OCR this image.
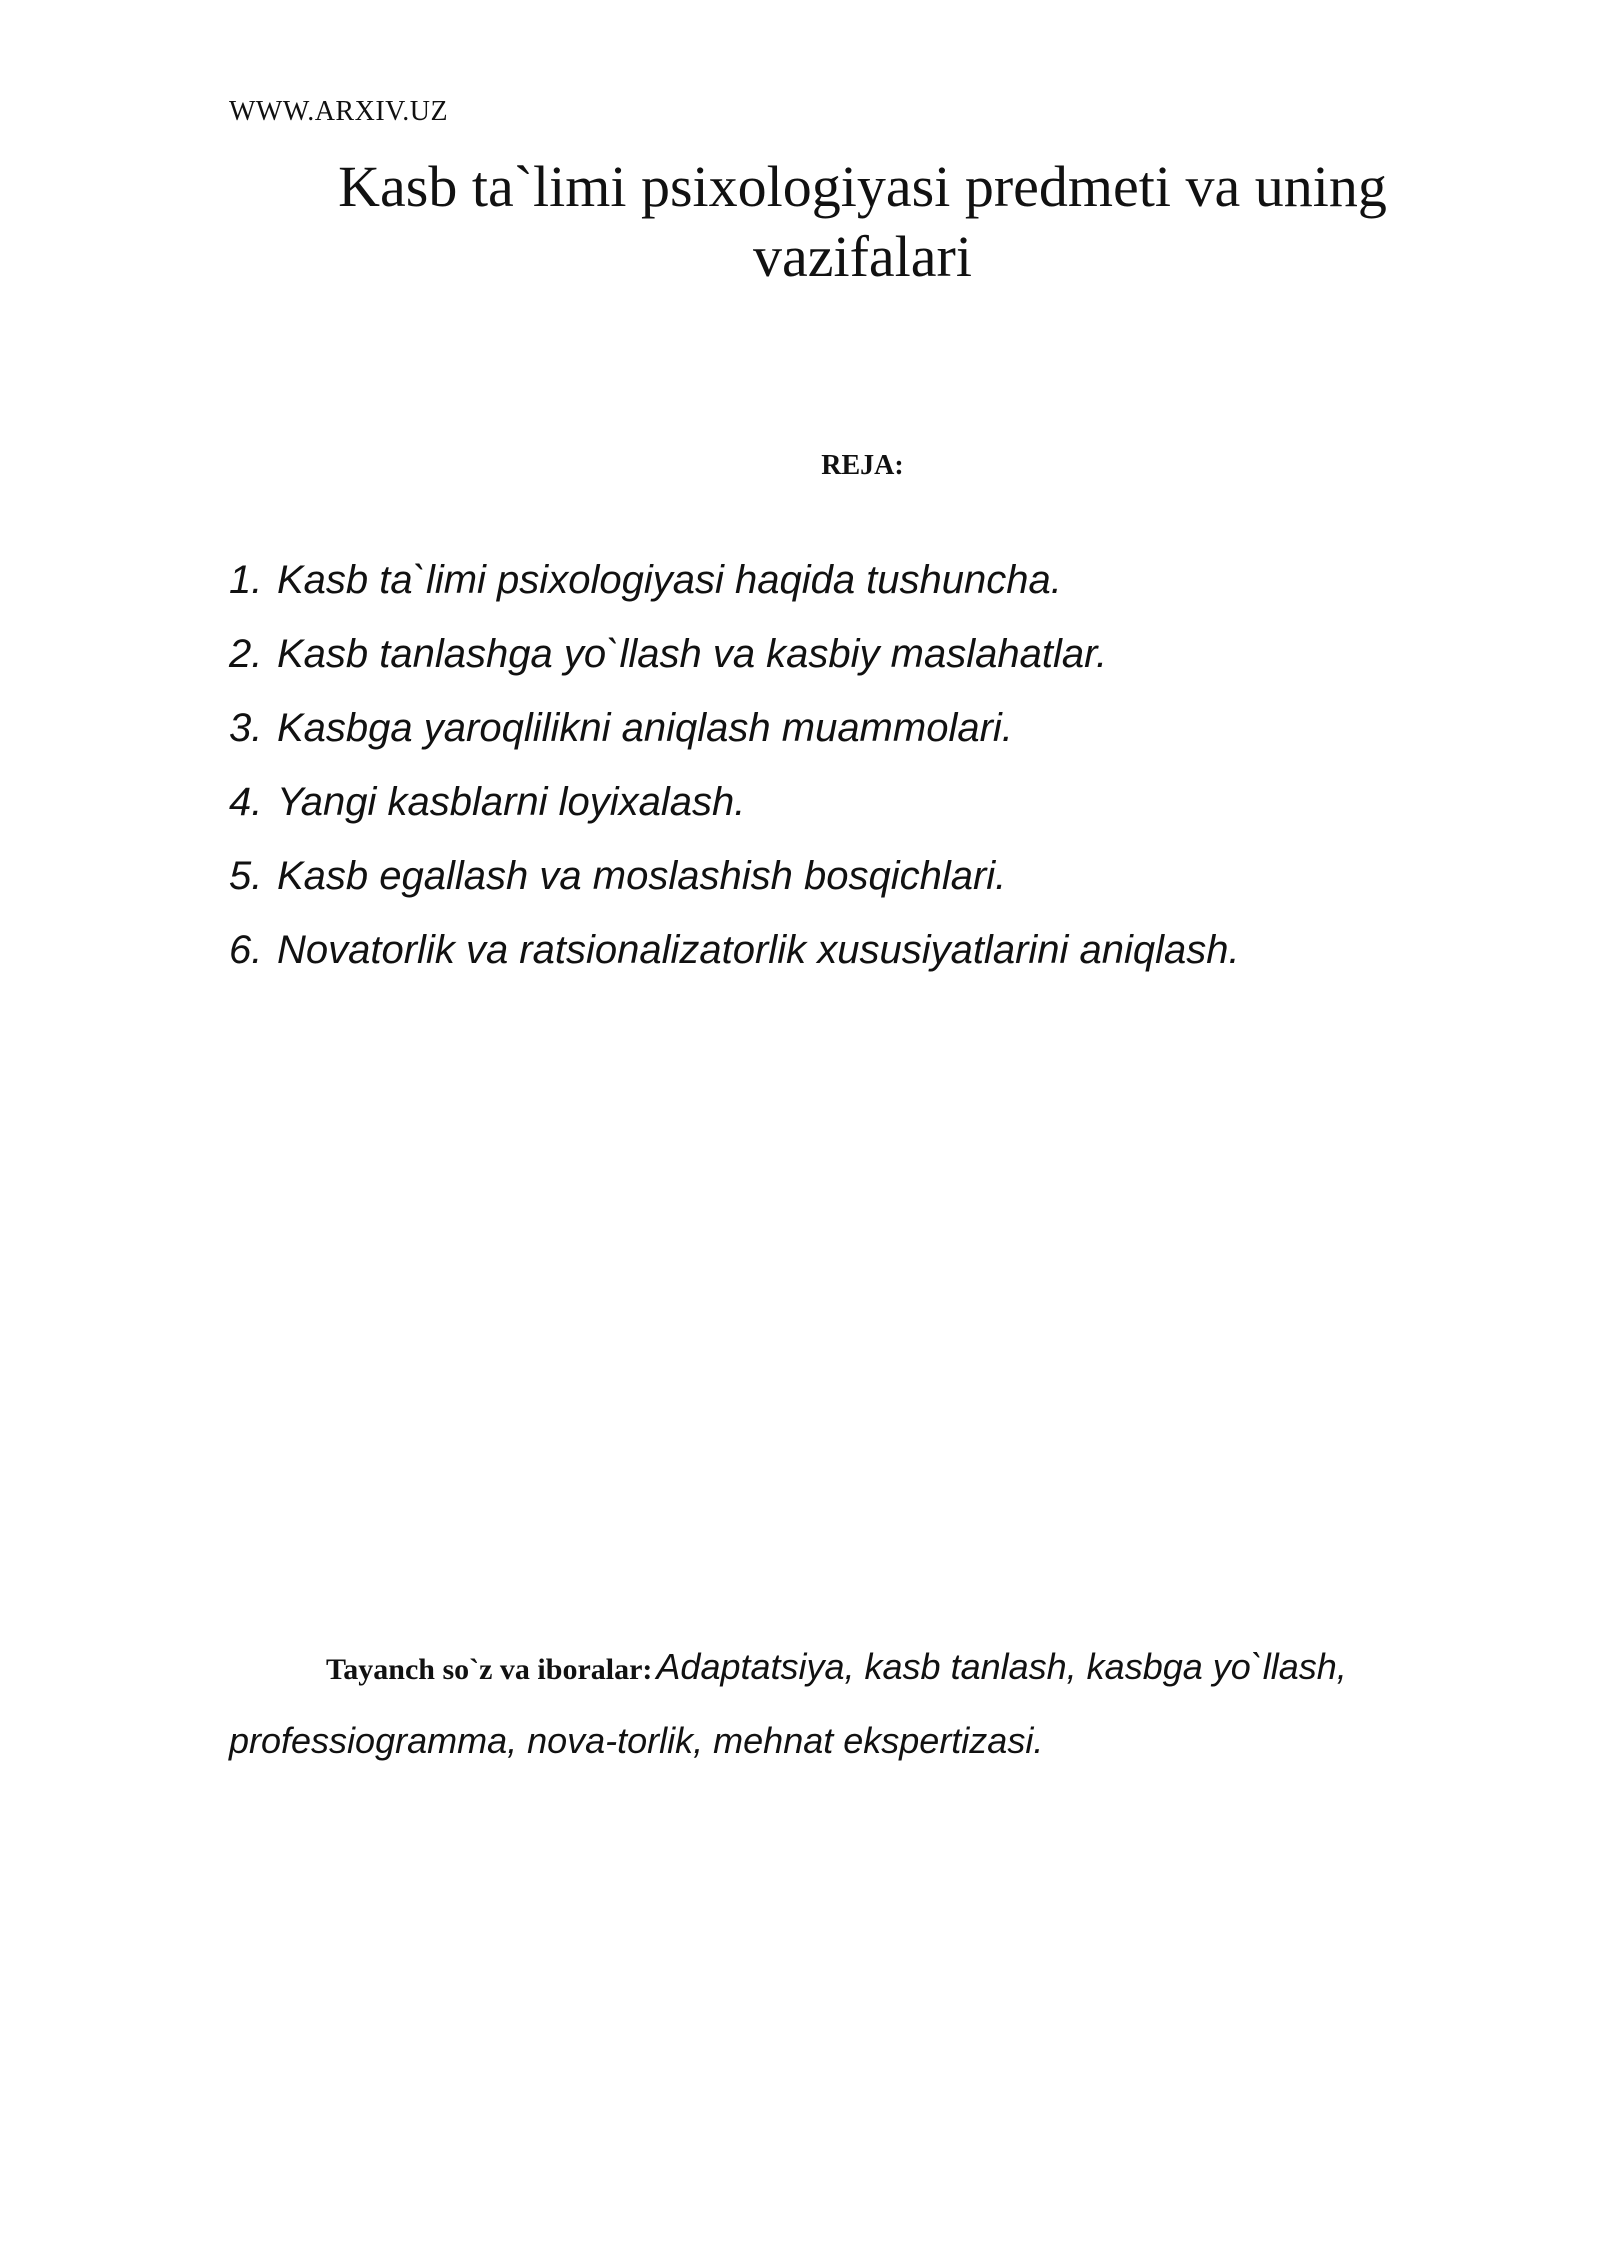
WWW.ARXIV.UZ
Kasb ta`limi psixologiyasi predmeti va uning vazifalari
REJA:
1. Kasb ta`limi psixologiyasi haqida tushuncha.
2. Kasb tanlashga yo`llash va kasbiy maslahatlar.
3. Kasbga yaroqlilikni aniqlash muammolari.
4. Yangi kasblarni loyixalash.
5. Kasb egallash va moslashish bosqichlari.
6. Novatorlik va ratsionalizatorlik xususiyatlarini aniqlash.

Tayanch so`z va iboralar: Adaptatsiya, kasb tanlash, kasbga yo`llash, professiogramma, nova-torlik, mehnat ekspertizasi.
